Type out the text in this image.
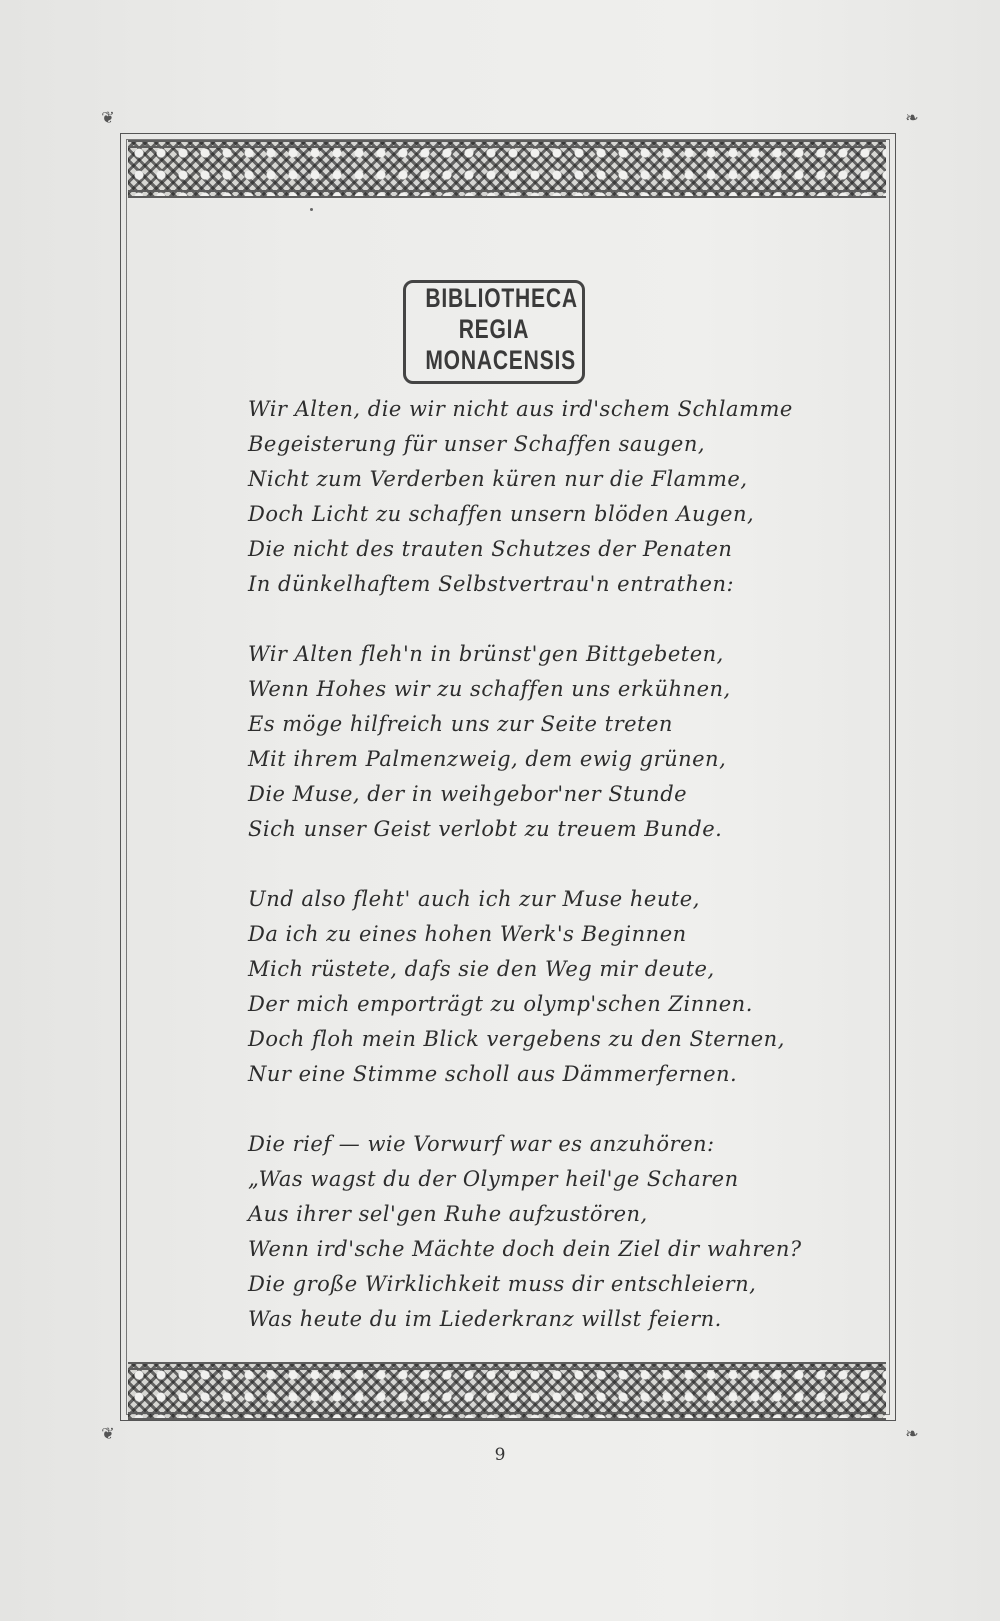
❦	❧
❦	❧
BIBLIOTHECA
REGIA
MONACENSIS
Wir Alten, die wir nicht aus ird'schem Schlamme
Begeisterung für unser Schaffen saugen,
Nicht zum Verderben küren nur die Flamme,
Doch Licht zu schaffen unsern blöden Augen,
Die nicht des trauten Schutzes der Penaten
In dünkelhaftem Selbstvertrau'n entrathen:
Wir Alten fleh'n in brünst'gen Bittgebeten,
Wenn Hohes wir zu schaffen uns erkühnen,
Es möge hilfreich uns zur Seite treten
Mit ihrem Palmenzweig, dem ewig grünen,
Die Muse, der in weihgebor'ner Stunde
Sich unser Geist verlobt zu treuem Bunde.
Und also fleht' auch ich zur Muse heute,
Da ich zu eines hohen Werk's Beginnen
Mich rüstete, dafs sie den Weg mir deute,
Der mich emporträgt zu olymp'schen Zinnen.
Doch floh mein Blick vergebens zu den Sternen,
Nur eine Stimme scholl aus Dämmerfernen.
Die rief — wie Vorwurf war es anzuhören:
„Was wagst du der Olymper heil'ge Scharen
Aus ihrer sel'gen Ruhe aufzustören,
Wenn ird'sche Mächte doch dein Ziel dir wahren?
Die große Wirklichkeit muss dir entschleiern,
Was heute du im Liederkranz willst feiern.
9
